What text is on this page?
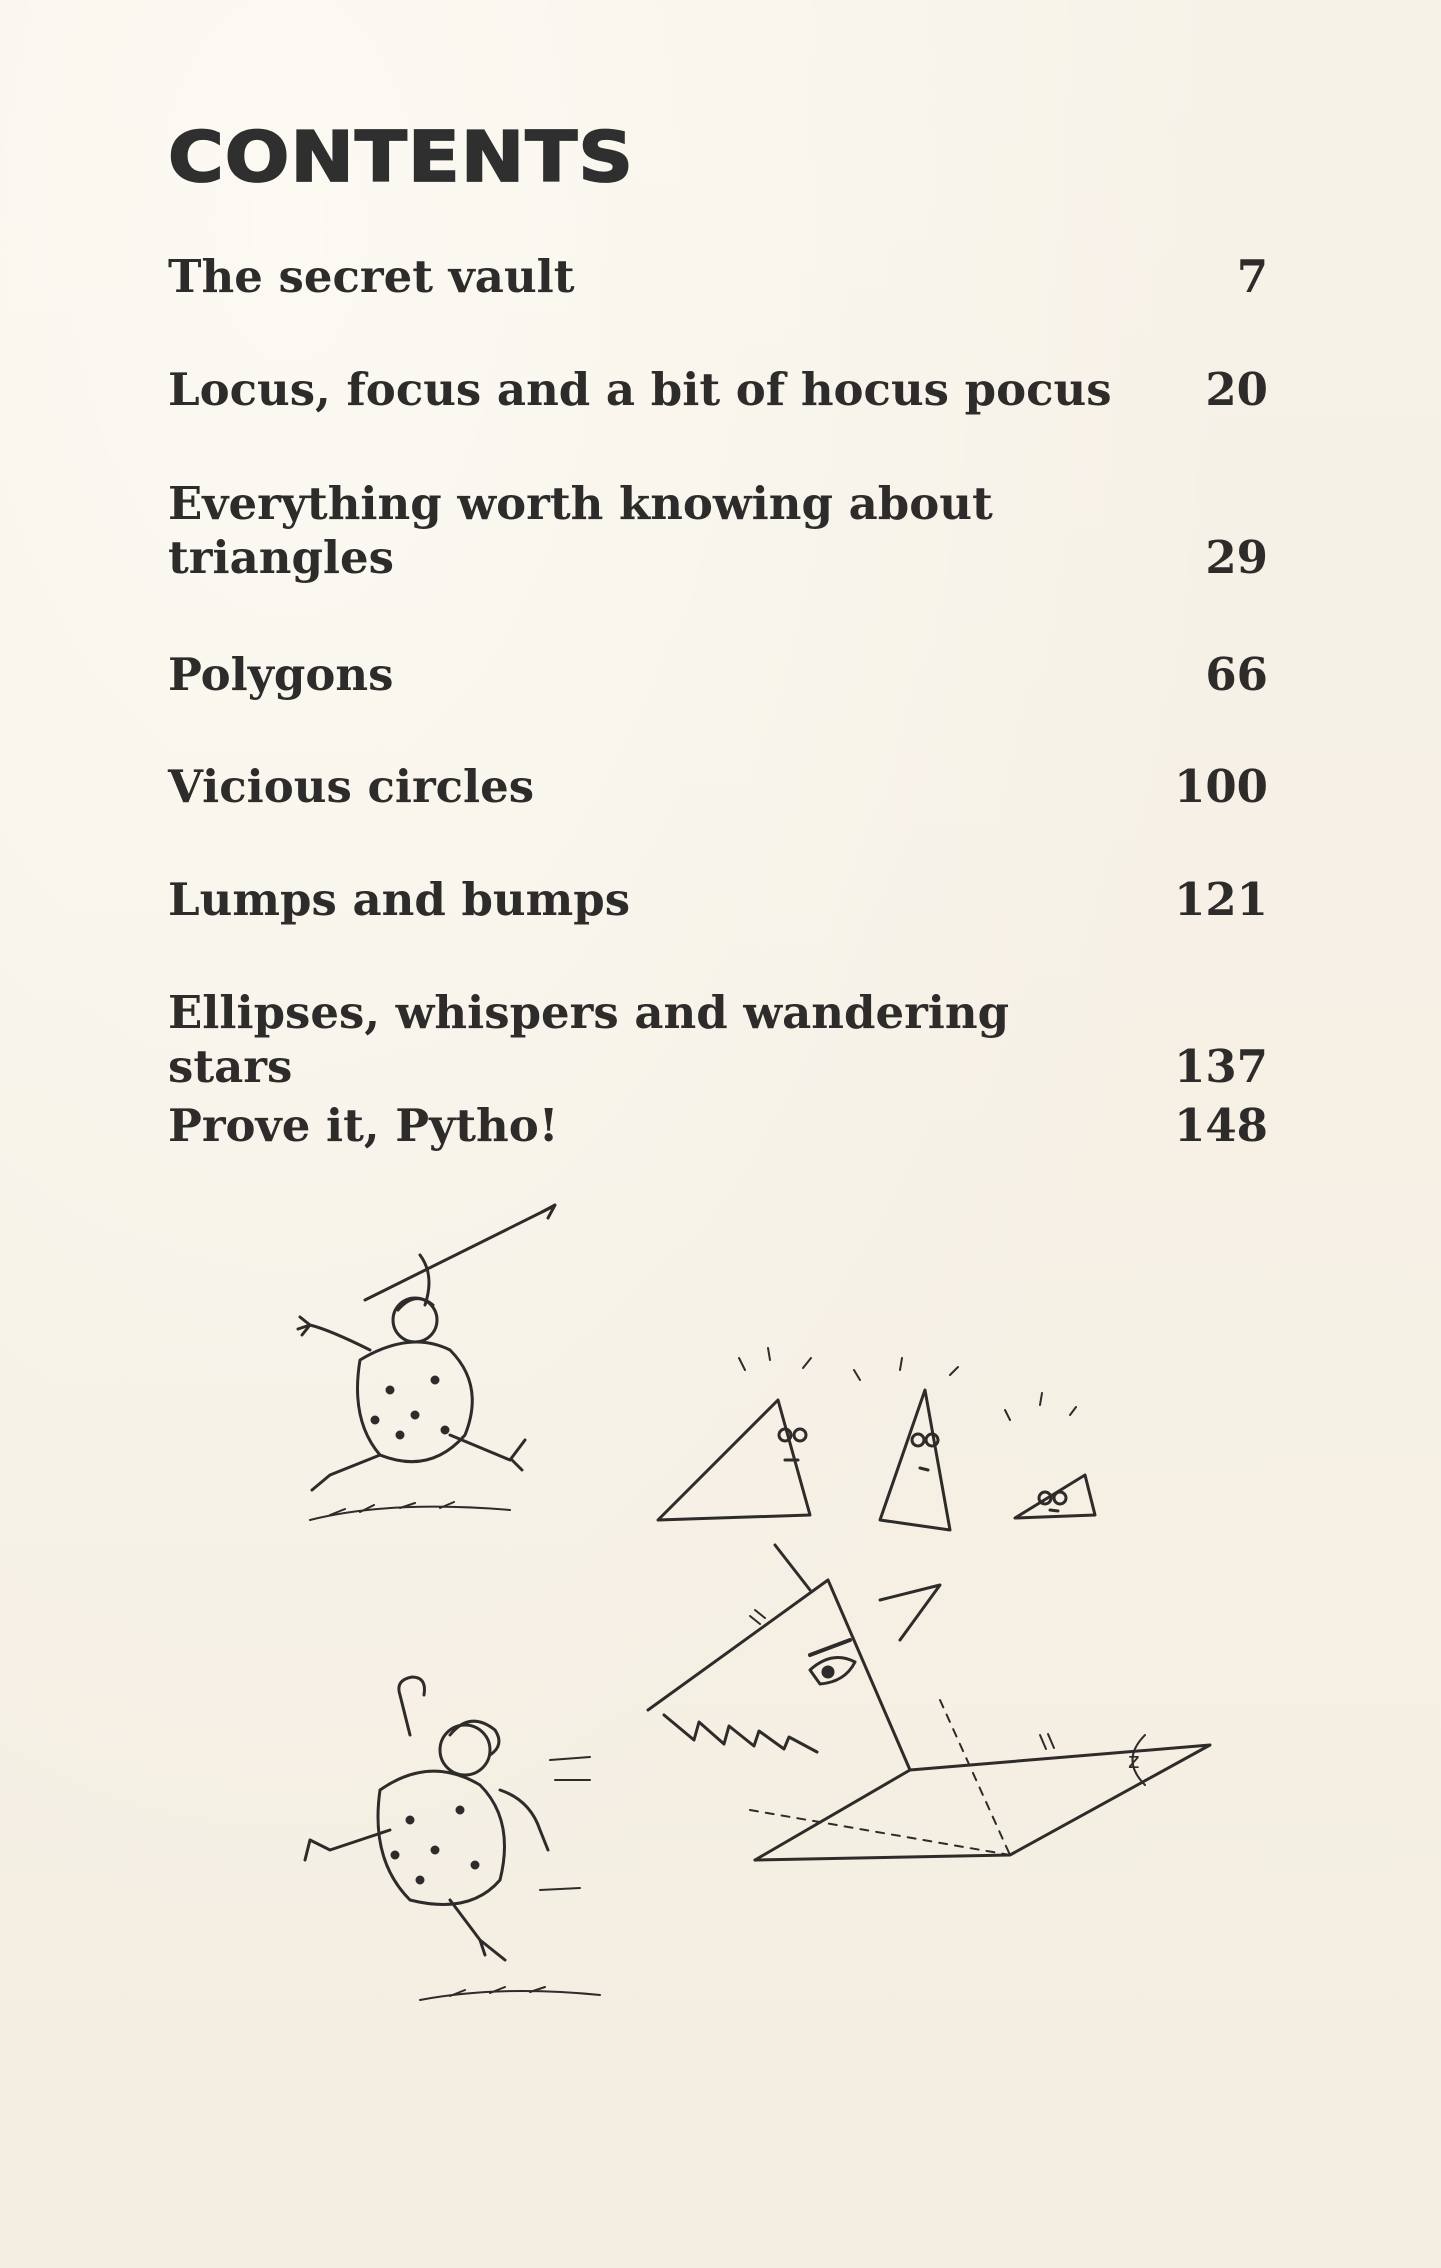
CONTENTS
The secret vault	7
Locus, focus and a bit of hocus pocus	20
Everything worth knowing about
triangles	29
Polygons	66
Vicious circles	100
Lumps and bumps	121
Ellipses, whispers and wandering stars	137
Prove it, Pytho!	148
z
